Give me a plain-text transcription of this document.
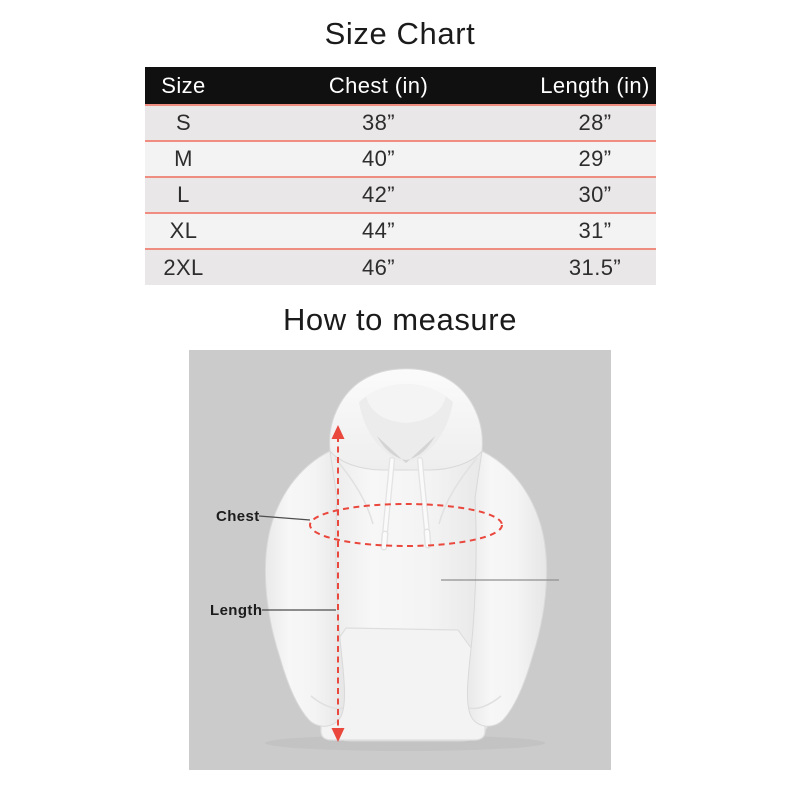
Size Chart
Size	Chest (in)	Length (in)
S	38”	28”
M	40”	29”
L	42”	30”
XL	44”	31”
2XL	46”	31.5”
How to measure
Chest
Length
